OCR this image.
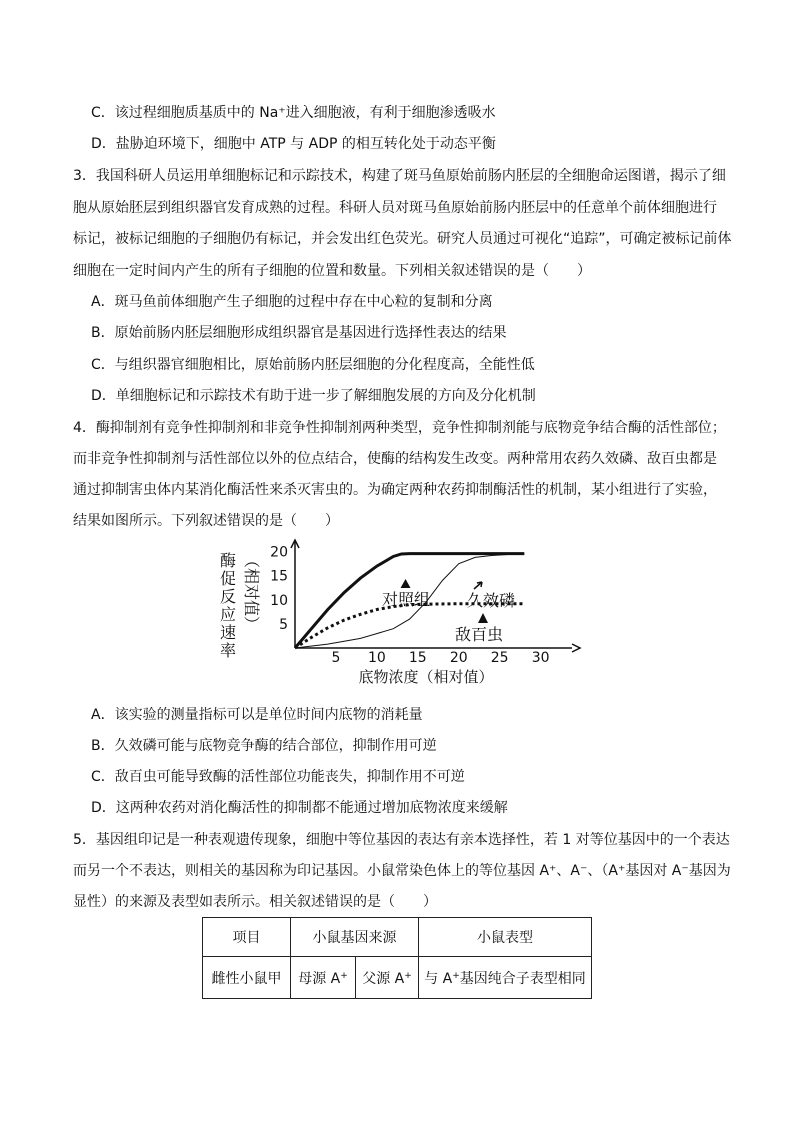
C．该过程细胞质基质中的 Na⁺进入细胞液，有利于细胞渗透吸水
D．盐胁迫环境下，细胞中 ATP 与 ADP 的相互转化处于动态平衡
3．我国科研人员运用单细胞标记和示踪技术，构建了斑马鱼原始前肠内胚层的全细胞命运图谱，揭示了细
胞从原始胚层到组织器官发育成熟的过程。科研人员对斑马鱼原始前肠内胚层中的任意单个前体细胞进行
标记，被标记细胞的子细胞仍有标记，并会发出红色荧光。研究人员通过可视化“追踪”，可确定被标记前体
细胞在一定时间内产生的所有子细胞的位置和数量。下列相关叙述错误的是（　　）
A．斑马鱼前体细胞产生子细胞的过程中存在中心粒的复制和分离
B．原始前肠内胚层细胞形成组织器官是基因进行选择性表达的结果
C．与组织器官细胞相比，原始前肠内胚层细胞的分化程度高，全能性低
D．单细胞标记和示踪技术有助于进一步了解细胞发展的方向及分化机制
4．酶抑制剂有竞争性抑制剂和非竞争性抑制剂两种类型，竞争性抑制剂能与底物竞争结合酶的活性部位；
而非竞争性抑制剂与活性部位以外的位点结合，使酶的结构发生改变。两种常用农药久效磷、敌百虫都是
通过抑制害虫体内某消化酶活性来杀灭害虫的。为确定两种农药抑制酶活性的机制，某小组进行了实验，
结果如图所示。下列叙述错误的是（　　）
酶促反应速率
（相对值）
5 10 15 20 25 30
5
10
15
20
底物浓度（相对值）
对照组 久效磷
敌百虫
A．该实验的测量指标可以是单位时间内底物的消耗量
B．久效磷可能与底物竞争酶的结合部位，抑制作用可逆
C．敌百虫可能导致酶的活性部位功能丧失，抑制作用不可逆
D．这两种农药对消化酶活性的抑制都不能通过增加底物浓度来缓解
5．基因组印记是一种表观遗传现象，细胞中等位基因的表达有亲本选择性，若 1 对等位基因中的一个表达
而另一个不表达，则相关的基因称为印记基因。小鼠常染色体上的等位基因 A⁺、A⁻、（A⁺基因对 A⁻基因为
显性）的来源及表型如表所示。相关叙述错误的是（　　）
项目	小鼠基因来源		小鼠表型
雌性小鼠甲	母源 A+	父源 A+	与 A+基因纯合子表型相同
